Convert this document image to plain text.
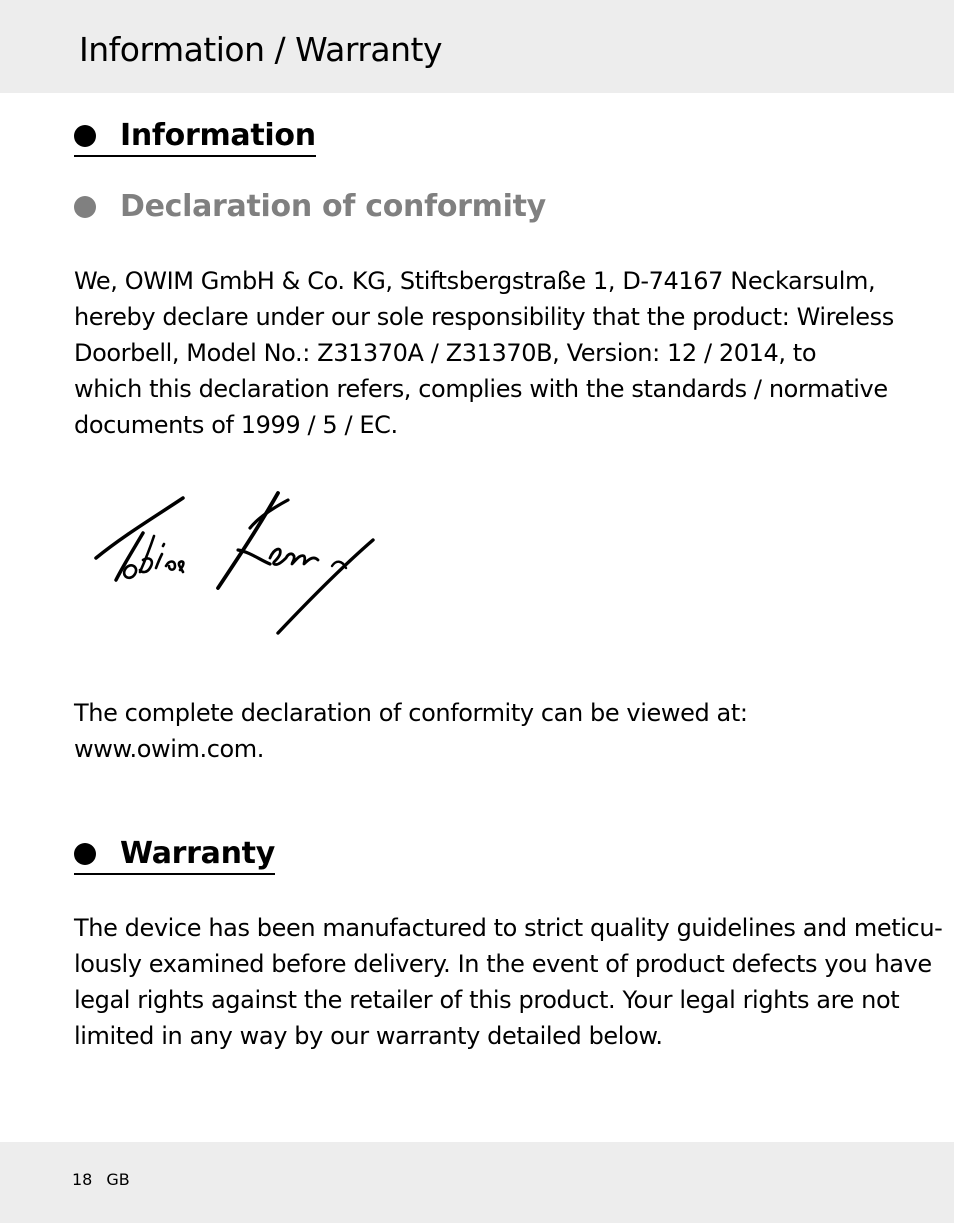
Information / Warranty
Information
Declaration of conformity

We, OWIM GmbH & Co. KG, Stiftsbergstraße 1, D-74167 Neckarsulm,
hereby declare under our sole responsibility that the product: Wireless
Doorbell, Model No.: Z31370A / Z31370B, Version: 12 / 2014, to
which this declaration refers, complies with the standards / normative
documents of 1999 / 5 / EC.

The complete declaration of conformity can be viewed at:
www.owim.com.

Warranty

The device has been manufactured to strict quality guidelines and meticu-
lously examined before delivery. In the event of product defects you have
legal rights against the retailer of this product. Your legal rights are not
limited in any way by our warranty detailed below.

18 GB
